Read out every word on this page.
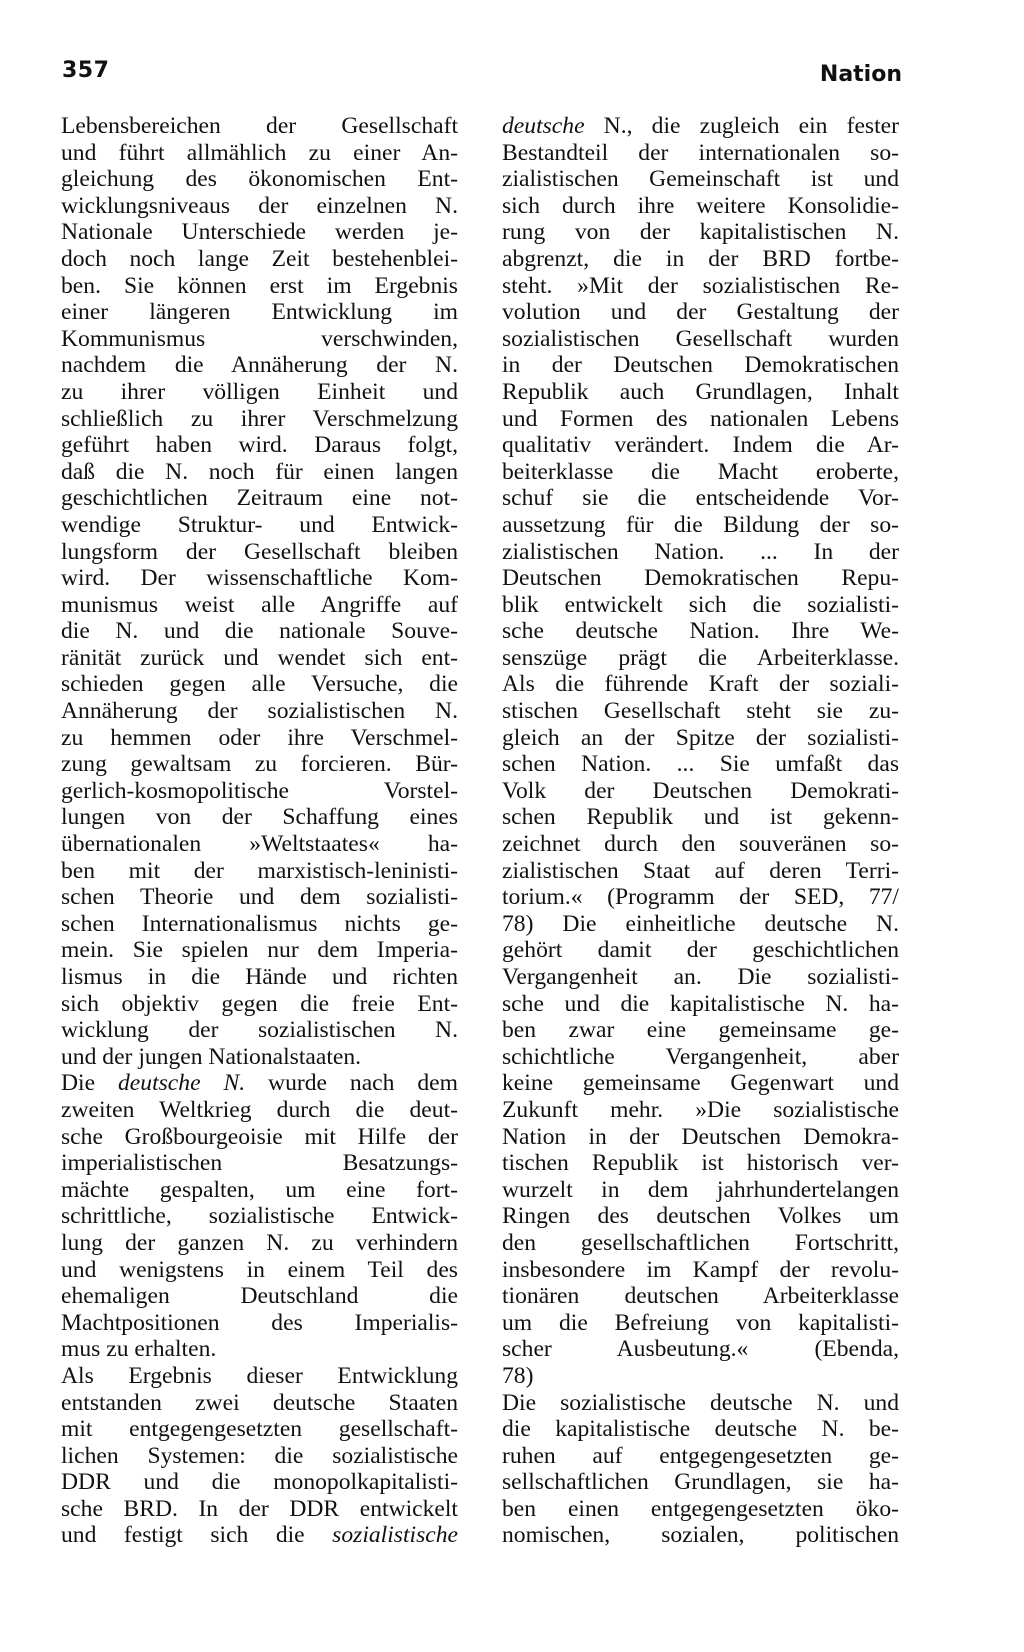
357	Nation
Lebensbereichen der Gesellschaft
und führt allmählich zu einer An-
gleichung des ökonomischen Ent-
wicklungsniveaus der einzelnen N.
Nationale Unterschiede werden je-
doch noch lange Zeit bestehenblei-
ben. Sie können erst im Ergebnis
einer längeren Entwicklung im
Kommunismus verschwinden,
nachdem die Annäherung der N.
zu ihrer völligen Einheit und
schließlich zu ihrer Verschmelzung
geführt haben wird. Daraus folgt,
daß die N. noch für einen langen
geschichtlichen Zeitraum eine not-
wendige Struktur- und Entwick-
lungsform der Gesellschaft bleiben
wird. Der wissenschaftliche Kom-
munismus weist alle Angriffe auf
die N. und die nationale Souve-
ränität zurück und wendet sich ent-
schieden gegen alle Versuche, die
Annäherung der sozialistischen N.
zu hemmen oder ihre Verschmel-
zung gewaltsam zu forcieren. Bür-
gerlich-kosmopolitische Vorstel-
lungen von der Schaffung eines
übernationalen »Weltstaates« ha-
ben mit der marxistisch-leninisti-
schen Theorie und dem sozialisti-
schen Internationalismus nichts ge-
mein. Sie spielen nur dem Imperia-
lismus in die Hände und richten
sich objektiv gegen die freie Ent-
wicklung der sozialistischen N.
und der jungen Nationalstaaten.
Die deutsche N. wurde nach dem
zweiten Weltkrieg durch die deut-
sche Großbourgeoisie mit Hilfe der
imperialistischen Besatzungs-
mächte gespalten, um eine fort-
schrittliche, sozialistische Entwick-
lung der ganzen N. zu verhindern
und wenigstens in einem Teil des
ehemaligen Deutschland die
Machtpositionen des Imperialis-
mus zu erhalten.
Als Ergebnis dieser Entwicklung
entstanden zwei deutsche Staaten
mit entgegengesetzten gesellschaft-
lichen Systemen: die sozialistische
DDR und die monopolkapitalisti-
sche BRD. In der DDR entwickelt
und festigt sich die sozialistische
deutsche N., die zugleich ein fester
Bestandteil der internationalen so-
zialistischen Gemeinschaft ist und
sich durch ihre weitere Konsolidie-
rung von der kapitalistischen N.
abgrenzt, die in der BRD fortbe-
steht. »Mit der sozialistischen Re-
volution und der Gestaltung der
sozialistischen Gesellschaft wurden
in der Deutschen Demokratischen
Republik auch Grundlagen, Inhalt
und Formen des nationalen Lebens
qualitativ verändert. Indem die Ar-
beiterklasse die Macht eroberte,
schuf sie die entscheidende Vor-
aussetzung für die Bildung der so-
zialistischen Nation. ... In der
Deutschen Demokratischen Repu-
blik entwickelt sich die sozialisti-
sche deutsche Nation. Ihre We-
senszüge prägt die Arbeiterklasse.
Als die führende Kraft der soziali-
stischen Gesellschaft steht sie zu-
gleich an der Spitze der sozialisti-
schen Nation. ... Sie umfaßt das
Volk der Deutschen Demokrati-
schen Republik und ist gekenn-
zeichnet durch den souveränen so-
zialistischen Staat auf deren Terri-
torium.« (Programm der SED, 77/
78) Die einheitliche deutsche N.
gehört damit der geschichtlichen
Vergangenheit an. Die sozialisti-
sche und die kapitalistische N. ha-
ben zwar eine gemeinsame ge-
schichtliche Vergangenheit, aber
keine gemeinsame Gegenwart und
Zukunft mehr. »Die sozialistische
Nation in der Deutschen Demokra-
tischen Republik ist historisch ver-
wurzelt in dem jahrhundertelangen
Ringen des deutschen Volkes um
den gesellschaftlichen Fortschritt,
insbesondere im Kampf der revolu-
tionären deutschen Arbeiterklasse
um die Befreiung von kapitalisti-
scher Ausbeutung.« (Ebenda,
78)
Die sozialistische deutsche N. und
die kapitalistische deutsche N. be-
ruhen auf entgegengesetzten ge-
sellschaftlichen Grundlagen, sie ha-
ben einen entgegengesetzten öko-
nomischen, sozialen, politischen
